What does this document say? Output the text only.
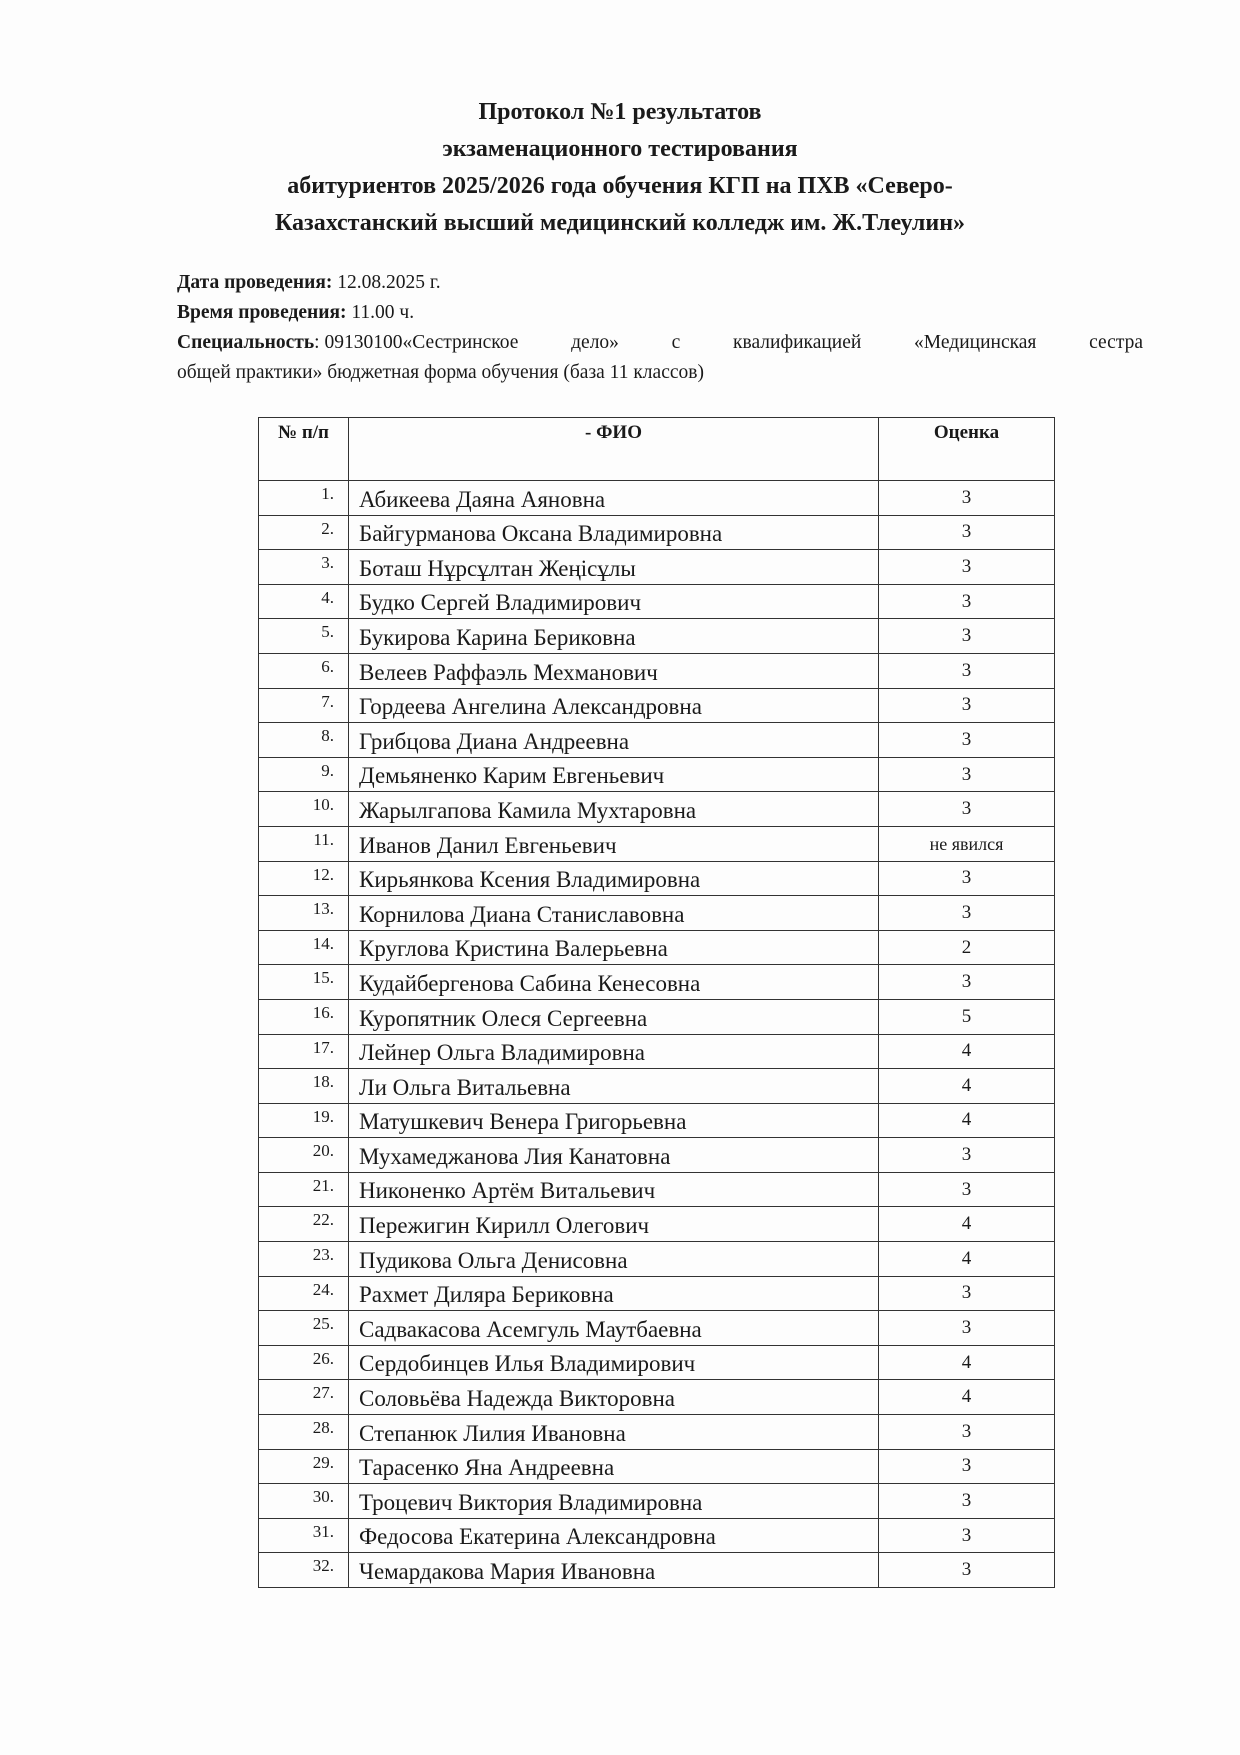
Протокол №1 результатов
экзаменационного тестирования
абитуриентов 2025/2026 года обучения КГП на ПХВ «Северо-
Казахстанский высший медицинский колледж им. Ж.Тлеулин»
Дата проведения: 12.08.2025 г.
Время проведения: 11.00 ч.
Специальность: 09130100«Сестринское	дело»	с	квалификацией	«Медицинская	сестра
общей практики» бюджетная форма обучения (база 11 классов)
№ п/п	- ФИО	Оценка
1.	Абикеева Даяна Аяновна	3
2.	Байгурманова Оксана Владимировна	3
3.	Боташ Нұрсұлтан Жеңісұлы	3
4.	Будко Сергей Владимирович	3
5.	Букирова Карина Бериковна	3
6.	Велеев Раффаэль Мехманович	3
7.	Гордеева Ангелина Александровна	3
8.	Грибцова Диана Андреевна	3
9.	Демьяненко Карим Евгеньевич	3
10.	Жарылгапова Камила Мухтаровна	3
11.	Иванов Данил Евгеньевич	не явился
12.	Кирьянкова Ксения Владимировна	3
13.	Корнилова Диана Станиславовна	3
14.	Круглова Кристина Валерьевна	2
15.	Кудайбергенова Сабина Кенесовна	3
16.	Куропятник Олеся Сергеевна	5
17.	Лейнер Ольга Владимировна	4
18.	Ли Ольга Витальевна	4
19.	Матушкевич Венера Григорьевна	4
20.	Мухамеджанова Лия Канатовна	3
21.	Никоненко Артём Витальевич	3
22.	Пережигин Кирилл Олегович	4
23.	Пудикова Ольга Денисовна	4
24.	Рахмет Диляра Бериковна	3
25.	Садвакасова Асемгуль Маутбаевна	3
26.	Сердобинцев Илья Владимирович	4
27.	Соловьёва Надежда Викторовна	4
28.	Степанюк Лилия Ивановна	3
29.	Тарасенко Яна Андреевна	3
30.	Троцевич Виктория Владимировна	3
31.	Федосова Екатерина Александровна	3
32.	Чемардакова Мария Ивановна	3
